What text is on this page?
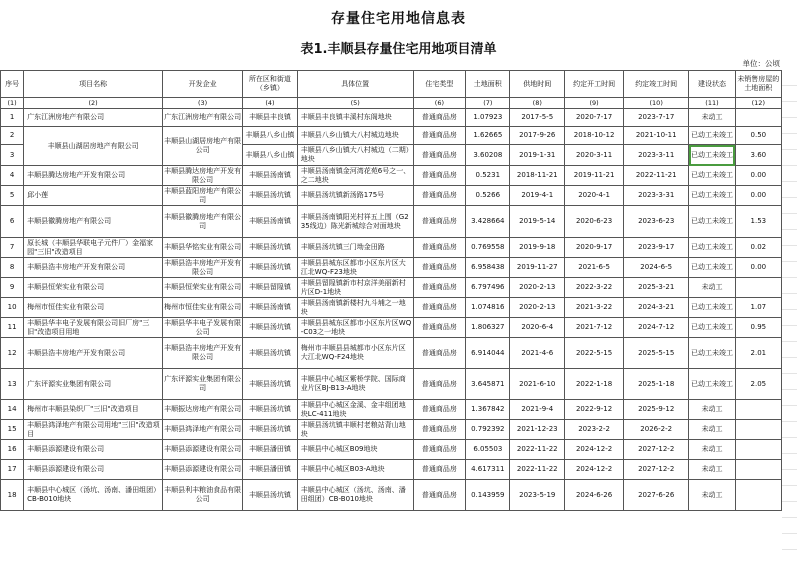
存量住宅用地信息表
表1.丰顺县存量住宅用地项目清单
单位：公顷
序号	项目名称	开发企业	所在区和街道（乡镇）	具体位置	住宅类型	土地面积	供地时间	约定开工时间	约定竣工时间	建设状态	未销售房屋的土地面积
(1)	(2)	(3)	(4)	(5)	(6)	(7)	(8)	(9)	(10)	(11)	(12)
1	广东江洲房地产有限公司	广东江洲房地产有限公司	丰顺县丰良镇	丰顺县丰良镇丰溪村东阁地块	普通商品房	1.07923	2017-5-5	2020-7-17	2023-7-17	未动工	
2	丰顺县山湖居房地产有限公司	丰顺县山湖居房地产有限公司	丰顺县八乡山镇	丰顺县八乡山镇大八村城边地块	普通商品房	1.62665	2017-9-26	2018-10-12	2021-10-11	已动工未竣工	0.50
3			丰顺县八乡山镇	丰顺县八乡山镇大八村城边（二期）地块	普通商品房	3.60208	2019-1-31	2020-3-11	2023-3-11	已动工未竣工	3.60
4	丰顺县腾达房地产开发有限公司	丰顺县腾达房地产开发有限公司	丰顺县汤南镇	丰顺县汤南镇金河湾花苑6号之一、之二地块	普通商品房	0.5231	2018-11-21	2019-11-21	2022-11-21	已动工未竣工	0.00
5	邱小莲	丰顺县蓝阳房地产有限公司	丰顺县汤坑镇	丰顺县汤坑镇新汤路175号	普通商品房	0.5266	2019-4-1	2020-4-1	2023-3-31	已动工未竣工	0.00
6	丰顺县徽腾房地产有限公司	丰顺县徽腾房地产有限公司	丰顺县汤南镇	丰顺县汤南镇阳光村祥五上围（G235线边）陈光新城综合对面地块	普通商品房	3.428664	2019-5-14	2020-6-23	2023-6-23	已动工未竣工	1.53
7	原长城（丰顺县华联电子元件厂）金福家园"三旧"改造项目	丰顺县华铭实业有限公司	丰顺县汤坑镇	丰顺县汤坑镇三门坳金田路	普通商品房	0.769558	2019-9-18	2020-9-17	2023-9-17	已动工未竣工	0.02
8	丰顺县浩丰房地产开发有限公司	丰顺县浩丰房地产开发有限公司	丰顺县汤坑镇	丰顺县县城东区都市小区东片区大江北WQ-F23地块	普通商品房	6.958438	2019-11-27	2021-6-5	2024-6-5	已动工未竣工	0.00
9	丰顺县恒荣实业有限公司	丰顺县恒荣实业有限公司	丰顺县留隍镇	丰顺县留隍镇新市村京洋美丽新村片区D-1地块	普通商品房	6.797496	2020-2-13	2022-3-22	2025-3-21	未动工	
10	梅州市恒佳实业有限公司	梅州市恒佳实业有限公司	丰顺县汤南镇	丰顺县汤南镇新楼村九斗埔之一地块	普通商品房	1.074816	2020-2-13	2021-3-22	2024-3-21	已动工未竣工	1.07
11	丰顺县华丰电子发展有限公司旧厂房"三旧"改造项目用地	丰顺县华丰电子发展有限公司	丰顺县汤坑镇	丰顺县县城东区都市小区东片区WQ-C03之一地块	普通商品房	1.806327	2020-6-4	2021-7-12	2024-7-12	已动工未竣工	0.95
12	丰顺县浩丰房地产开发有限公司	丰顺县浩丰房地产开发有限公司	丰顺县汤坑镇	梅州市丰顺县县城都市小区东片区大江北WQ-F24地块	普通商品房	6.914044	2021-4-6	2022-5-15	2025-5-15	已动工未竣工	2.01
13	广东评源实业集团有限公司	广东评源实业集团有限公司	丰顺县汤坑镇	丰顺县中心城区紫桥学院、国际商业片区BJ-B13-A地块	普通商品房	3.645871	2021-6-10	2022-1-18	2025-1-18	已动工未竣工	2.05
14	梅州市丰顺县染织厂"三旧"改造项目	丰顺振达房地产有限公司	丰顺县汤坑镇	丰顺县中心城区金溪、金丰组团地块LC-411地块	普通商品房	1.367842	2021-9-4	2022-9-12	2025-9-12	未动工	
15	丰顺县鸿泽地产有限公司用地"三旧"改造项目	丰顺县鸿泽地产有限公司	丰顺县汤坑镇	丰顺县汤坑镇丰顺村老粮站背山地块	普通商品房	0.792392	2021-12-23	2023-2-2	2026-2-2	未动工	
16	丰顺县添源建设有限公司	丰顺县添源建设有限公司	丰顺县潘田镇	丰顺县中心城区B09地块	普通商品房	6.05503	2022-11-22	2024-12-2	2027-12-2	未动工	
17	丰顺县添源建设有限公司	丰顺县添源建设有限公司	丰顺县潘田镇	丰顺县中心城区B03-A地块	普通商品房	4.617311	2022-11-22	2024-12-2	2027-12-2	未动工	
18	丰顺县中心城区（汤坑、汤南、潘田组团）CB-B010地块	丰顺县利丰粮油食品有限公司	丰顺县汤坑镇	丰顺县中心城区（汤坑、汤南、潘田组团）CB-B010地块	普通商品房	0.143959	2023-5-19	2024-6-26	2027-6-26	未动工	
